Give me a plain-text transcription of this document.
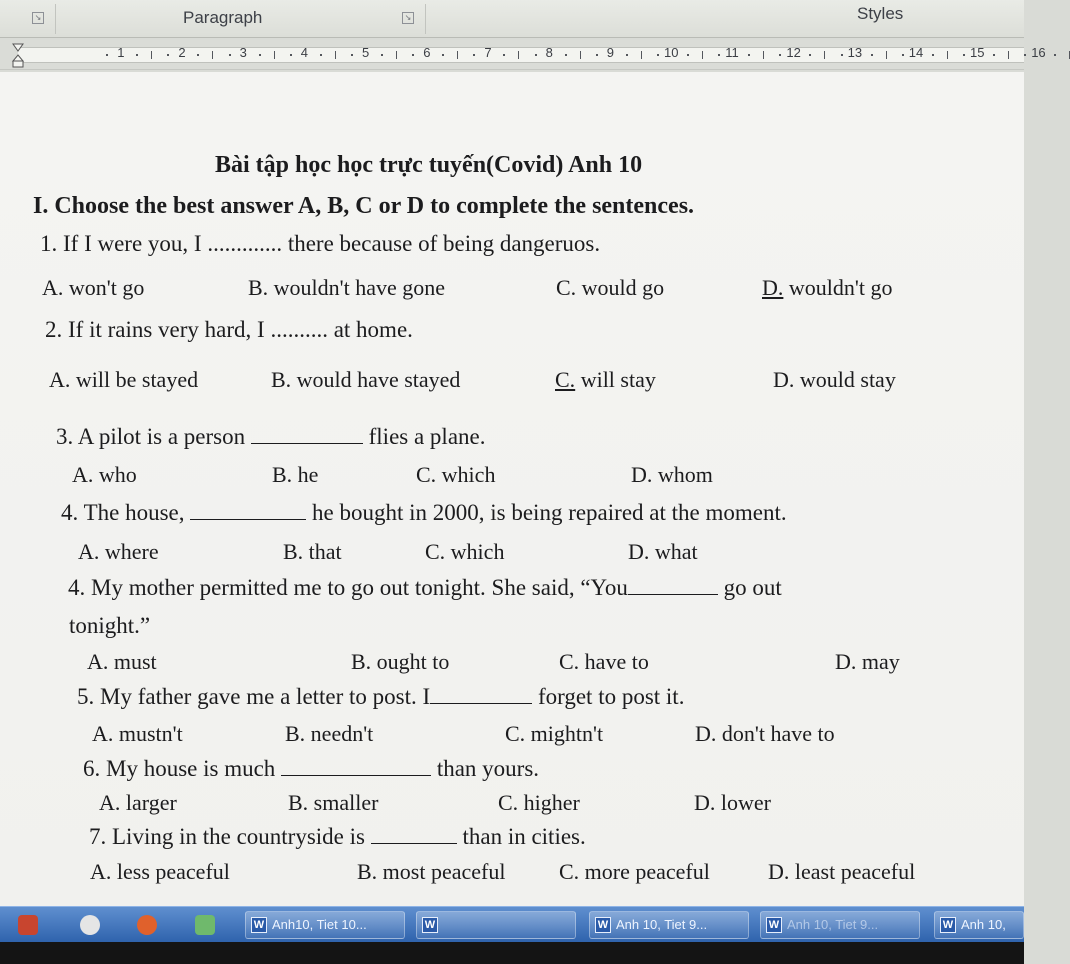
↘	Paragraph	↘	Styles
1	2	3	4	5	6	7	8	9	10	11	12	13	14	15	16
Bài tập học học trực tuyến(Covid) Anh 10
I. Choose the best answer A, B, C or D to complete the sentences.
1. If I were you, I ............. there because of being dangeruos.
A. won't go	B. wouldn't have gone	C. would go	D. wouldn't go
2. If it rains very hard, I .......... at home.
A. will be stayed	B. would have stayed	C. will stay	D. would stay
3. A pilot is a person	flies a plane.
A. who	B. he	C. which	D. whom
4. The house,	he bought in 2000, is being repaired at the moment.
A. where	B. that	C. which	D. what
4. My mother permitted me to go out tonight. She said, “You	go out
tonight.”
A. must	B. ought to	C. have to	D. may
5. My father gave me a letter to post. I	forget to post it.
A. mustn't	B. needn't	C. mightn't	D. don't have to
6. My house is much	than yours.
A. larger	B. smaller	C. higher	D. lower
7. Living in the countryside is	than in cities.
A. less peaceful	B. most peaceful C. more peaceful	D. least peaceful
W Anh10, Tiet 10...	W	W Anh 10, Tiet 9...	W Anh 10, Tiet 9...	W Anh 10,
